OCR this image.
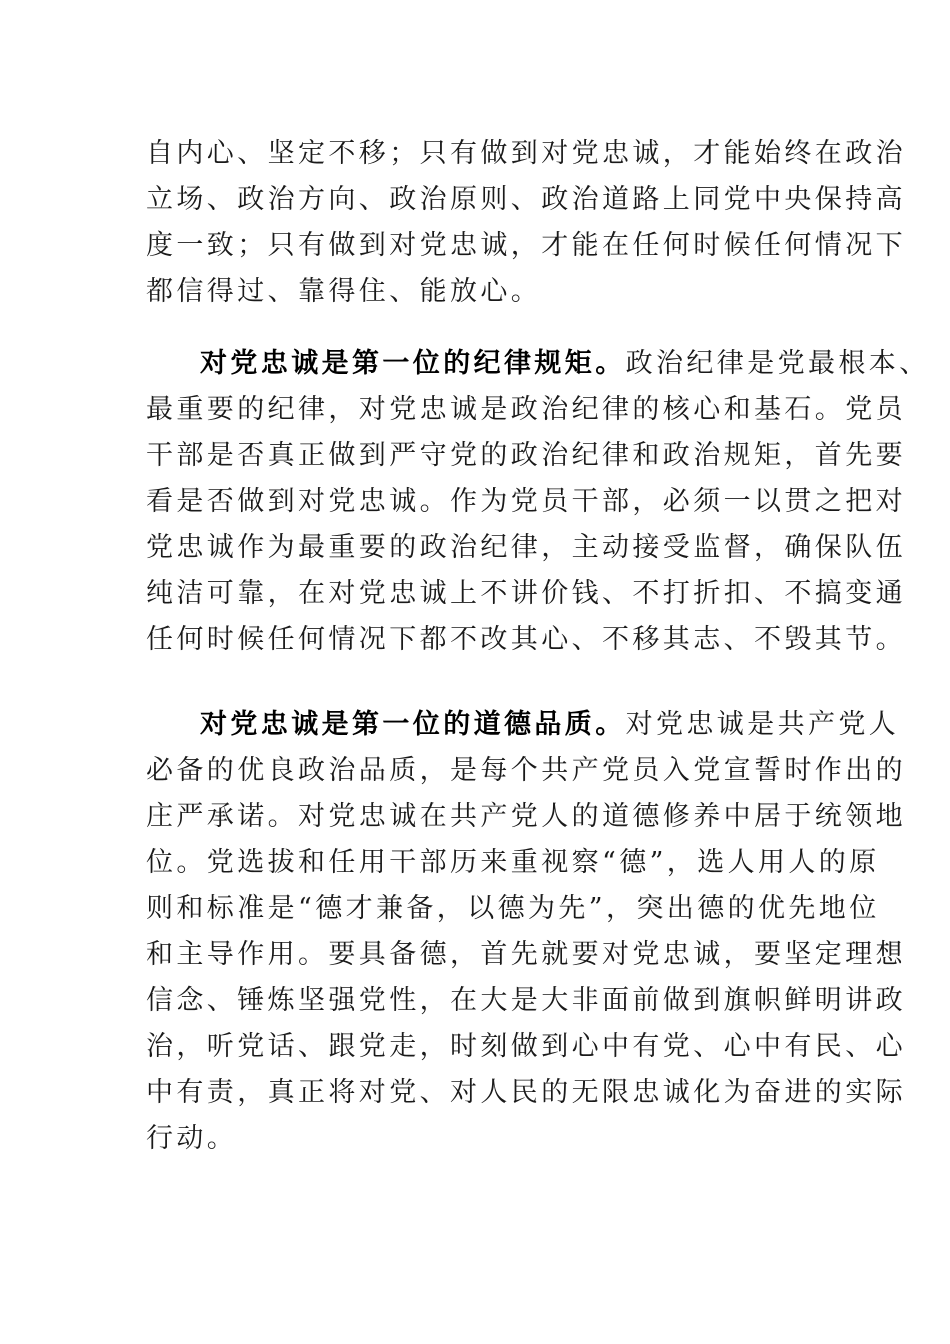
自内心、坚定不移；只有做到对党忠诚，才能始终在政治
立场、政治方向、政治原则、政治道路上同党中央保持高
度一致；只有做到对党忠诚，才能在任何时候任何情况下
都信得过、靠得住、能放心。
对党忠诚是第一位的纪律规矩。政治纪律是党最根本、
最重要的纪律，对党忠诚是政治纪律的核心和基石。党员
干部是否真正做到严守党的政治纪律和政治规矩，首先要
看是否做到对党忠诚。作为党员干部，必须一以贯之把对
党忠诚作为最重要的政治纪律，主动接受监督，确保队伍
纯洁可靠，在对党忠诚上不讲价钱、不打折扣、不搞变通
任何时候任何情况下都不改其心、不移其志、不毁其节。
对党忠诚是第一位的道德品质。对党忠诚是共产党人
必备的优良政治品质，是每个共产党员入党宣誓时作出的
庄严承诺。对党忠诚在共产党人的道德修养中居于统领地
位。党选拔和任用干部历来重视察“德”，选人用人的原
则和标准是“德才兼备，以德为先”，突出德的优先地位
和主导作用。要具备德，首先就要对党忠诚，要坚定理想
信念、锤炼坚强党性，在大是大非面前做到旗帜鲜明讲政
治，听党话、跟党走，时刻做到心中有党、心中有民、心
中有责，真正将对党、对人民的无限忠诚化为奋进的实际
行动。
